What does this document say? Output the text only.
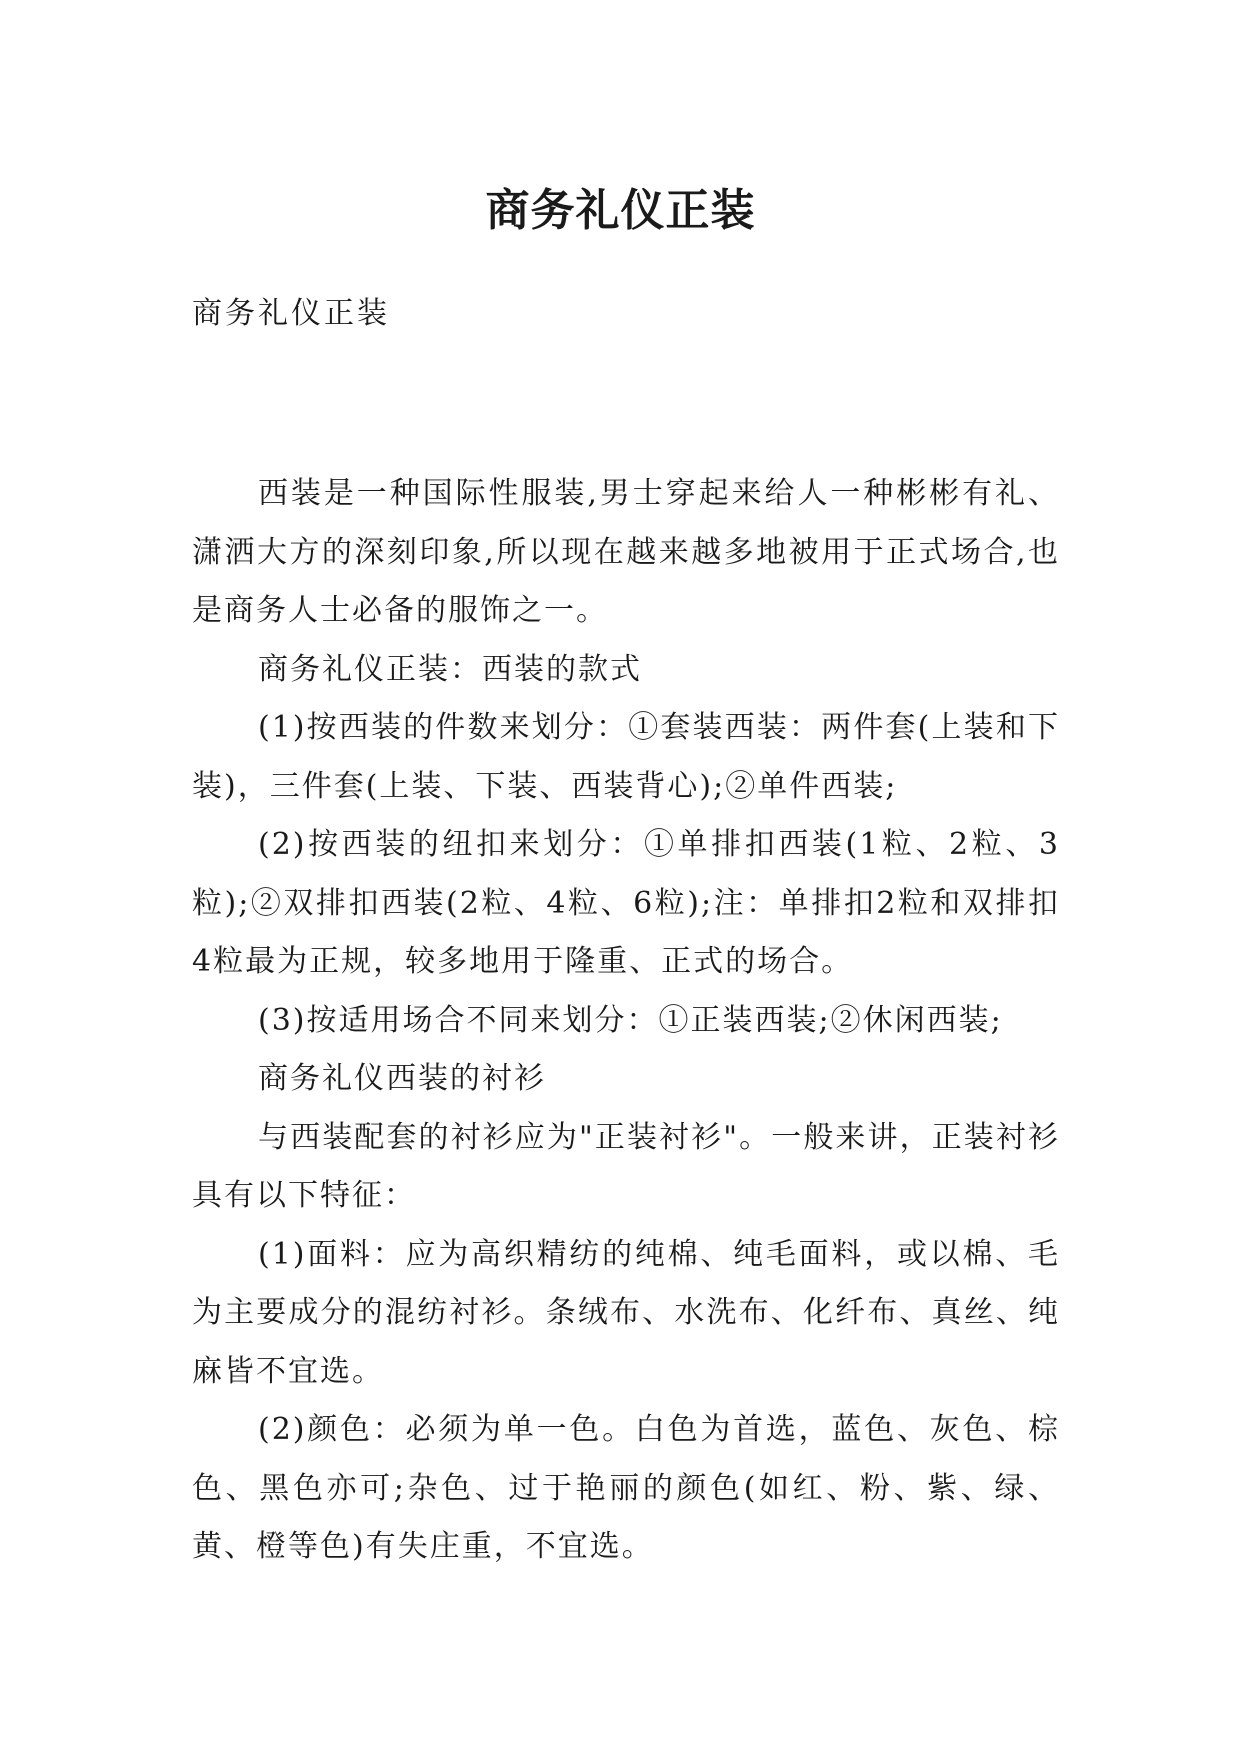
商务礼仪正装
商务礼仪正装

西装是一种国际性服装,男士穿起来给人一种彬彬有礼、潇洒大方的深刻印象,所以现在越来越多地被用于正式场合,也是商务人士必备的服饰之一。

商务礼仪正装：西装的款式

(1)按西装的件数来划分：①套装西装：两件套(上装和下装)，三件套(上装、下装、西装背心);②单件西装;

(2)按西装的纽扣来划分：①单排扣西装(1粒、2粒、3粒);②双排扣西装(2粒、4粒、6粒);注：单排扣2粒和双排扣4粒最为正规，较多地用于隆重、正式的场合。

(3)按适用场合不同来划分：①正装西装;②休闲西装;

商务礼仪西装的衬衫

与西装配套的衬衫应为"正装衬衫"。一般来讲，正装衬衫具有以下特征：

(1)面料：应为高织精纺的纯棉、纯毛面料，或以棉、毛为主要成分的混纺衬衫。条绒布、水洗布、化纤布、真丝、纯麻皆不宜选。

(2)颜色：必须为单一色。白色为首选，蓝色、灰色、棕色、黑色亦可;杂色、过于艳丽的颜色(如红、粉、紫、绿、黄、橙等色)有失庄重，不宜选。
